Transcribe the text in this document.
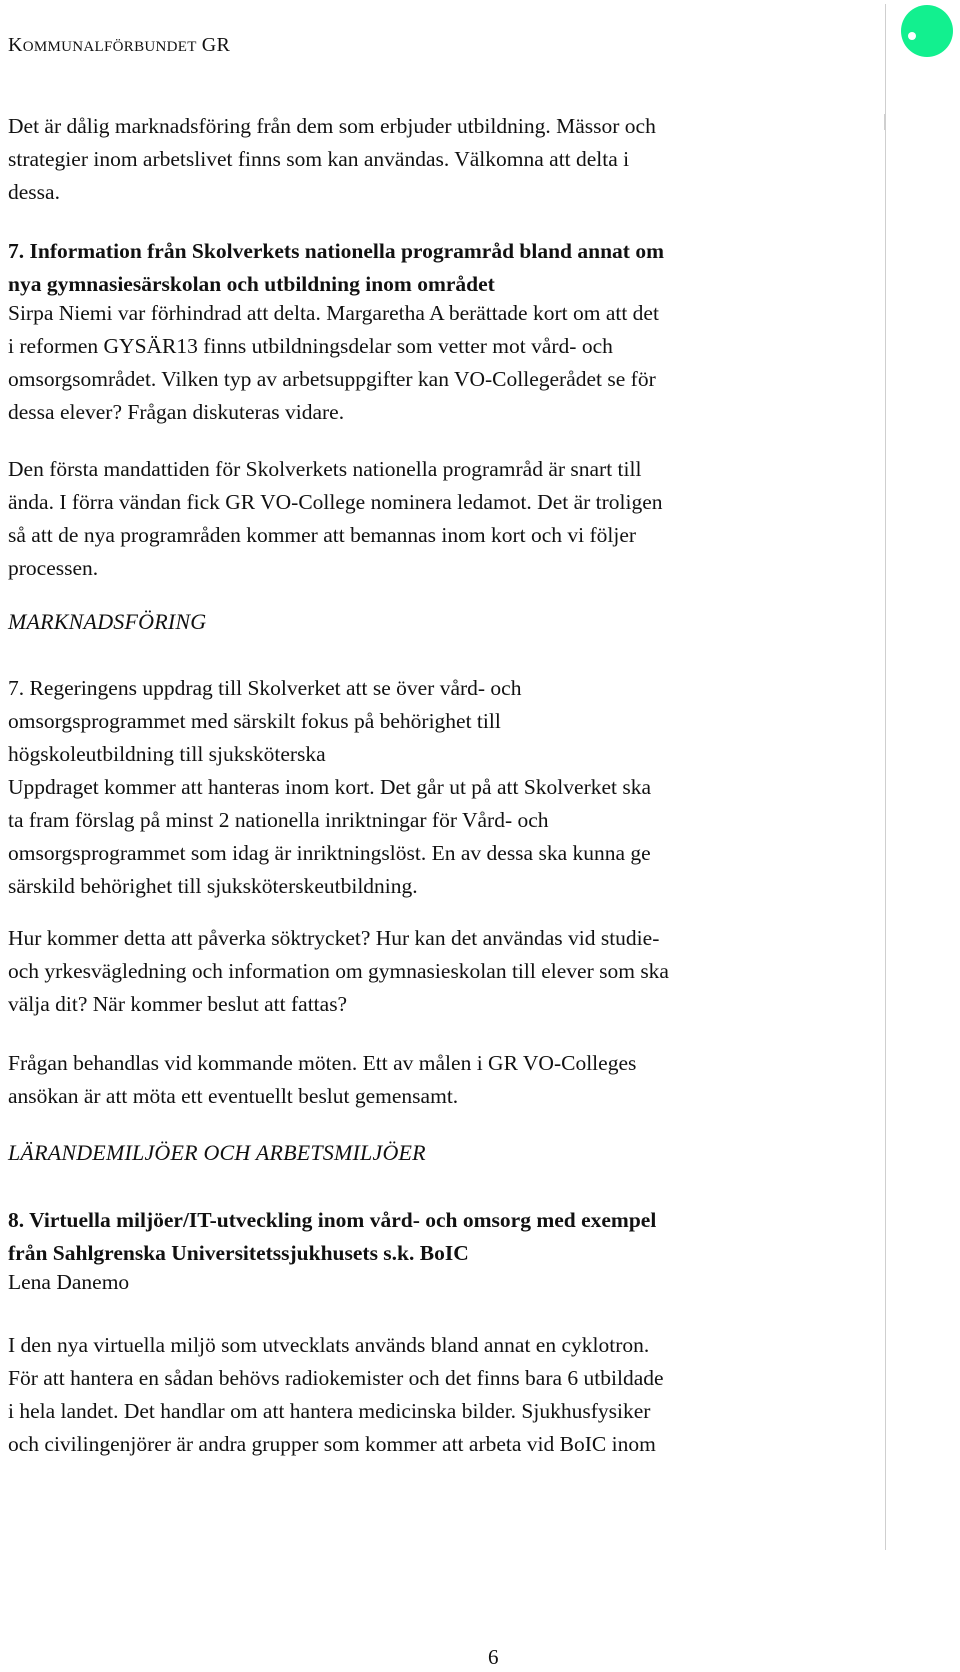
KOMMUNALFÖRBUNDET GR

Det är dålig marknadsföring från dem som erbjuder utbildning. Mässor och
strategier inom arbetslivet finns som kan användas. Välkomna att delta i
dessa.

7. Information från Skolverkets nationella programråd bland annat om
nya gymnasiesärskolan och utbildning inom området

Sirpa Niemi var förhindrad att delta. Margaretha A berättade kort om att det
i reformen GYSÄR13 finns utbildningsdelar som vetter mot vård- och
omsorgsområdet. Vilken typ av arbetsuppgifter kan VO-Collegerådet se för
dessa elever? Frågan diskuteras vidare.

Den första mandattiden för Skolverkets nationella programråd är snart till
ända. I förra vändan fick GR VO-College nominera ledamot. Det är troligen
så att de nya programråden kommer att bemannas inom kort och vi följer
processen.

MARKNADSFÖRING

7. Regeringens uppdrag till Skolverket att se över vård- och
omsorgsprogrammet med särskilt fokus på behörighet till
högskoleutbildning till sjuksköterska
Uppdraget kommer att hanteras inom kort. Det går ut på att Skolverket ska
ta fram förslag på minst 2 nationella inriktningar för Vård- och
omsorgsprogrammet som idag är inriktningslöst. En av dessa ska kunna ge
särskild behörighet till sjuksköterskeutbildning.

Hur kommer detta att påverka söktrycket? Hur kan det användas vid studie-
och yrkesvägledning och information om gymnasieskolan till elever som ska
välja dit? När kommer beslut att fattas?

Frågan behandlas vid kommande möten. Ett av målen i GR VO-Colleges
ansökan är att möta ett eventuellt beslut gemensamt.

LÄRANDEMILJÖER OCH ARBETSMILJÖER

8. Virtuella miljöer/IT-utveckling inom vård- och omsorg med exempel
från Sahlgrenska Universitetssjukhusets s.k. BoIC

Lena Danemo

I den nya virtuella miljö som utvecklats används bland annat en cyklotron.
För att hantera en sådan behövs radiokemister och det finns bara 6 utbildade
i hela landet. Det handlar om att hantera medicinska bilder. Sjukhusfysiker
och civilingenjörer är andra grupper som kommer att arbeta vid BoIC inom

6
